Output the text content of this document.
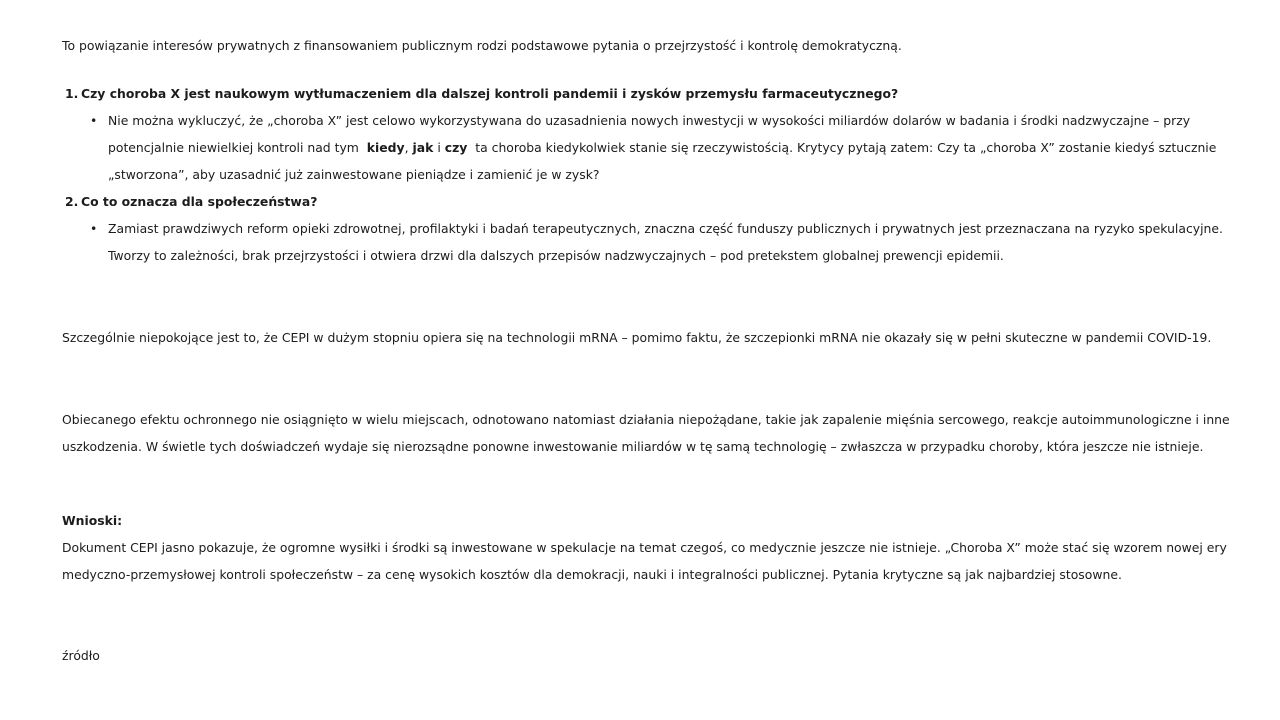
To powiązanie interesów prywatnych z finansowaniem publicznym rodzi podstawowe pytania o przejrzystość i kontrolę demokratyczną.

1. Czy choroba X jest naukowym wytłumaczeniem dla dalszej kontroli pandemii i zysków przemysłu farmaceutycznego?
• Nie można wykluczyć, że „choroba X” jest celowo wykorzystywana do uzasadnienia nowych inwestycji w wysokości miliardów dolarów w badania i środki nadzwyczajne – przy potencjalnie niewielkiej kontroli nad tym kiedy, jak i czy ta choroba kiedykolwiek stanie się rzeczywistością. Krytycy pytają zatem: Czy ta „choroba X” zostanie kiedyś sztucznie „stworzona”, aby uzasadnić już zainwestowane pieniądze i zamienić je w zysk?
2. Co to oznacza dla społeczeństwa?
• Zamiast prawdziwych reform opieki zdrowotnej, profilaktyki i badań terapeutycznych, znaczna część funduszy publicznych i prywatnych jest przeznaczana na ryzyko spekulacyjne. Tworzy to zależności, brak przejrzystości i otwiera drzwi dla dalszych przepisów nadzwyczajnych – pod pretekstem globalnej prewencji epidemii.

Szczególnie niepokojące jest to, że CEPI w dużym stopniu opiera się na technologii mRNA – pomimo faktu, że szczepionki mRNA nie okazały się w pełni skuteczne w pandemii COVID-19.

Obiecanego efektu ochronnego nie osiągnięto w wielu miejscach, odnotowano natomiast działania niepożądane, takie jak zapalenie mięśnia sercowego, reakcje autoimmunologiczne i inne uszkodzenia. W świetle tych doświadczeń wydaje się nierozsądne ponowne inwestowanie miliardów w tę samą technologię – zwłaszcza w przypadku choroby, która jeszcze nie istnieje.

Wnioski:

Dokument CEPI jasno pokazuje, że ogromne wysiłki i środki są inwestowane w spekulacje na temat czegoś, co medycznie jeszcze nie istnieje. „Choroba X” może stać się wzorem nowej ery medyczno-przemysłowej kontroli społeczeństw – za cenę wysokich kosztów dla demokracji, nauki i integralności publicznej. Pytania krytyczne są jak najbardziej stosowne.

źródło
